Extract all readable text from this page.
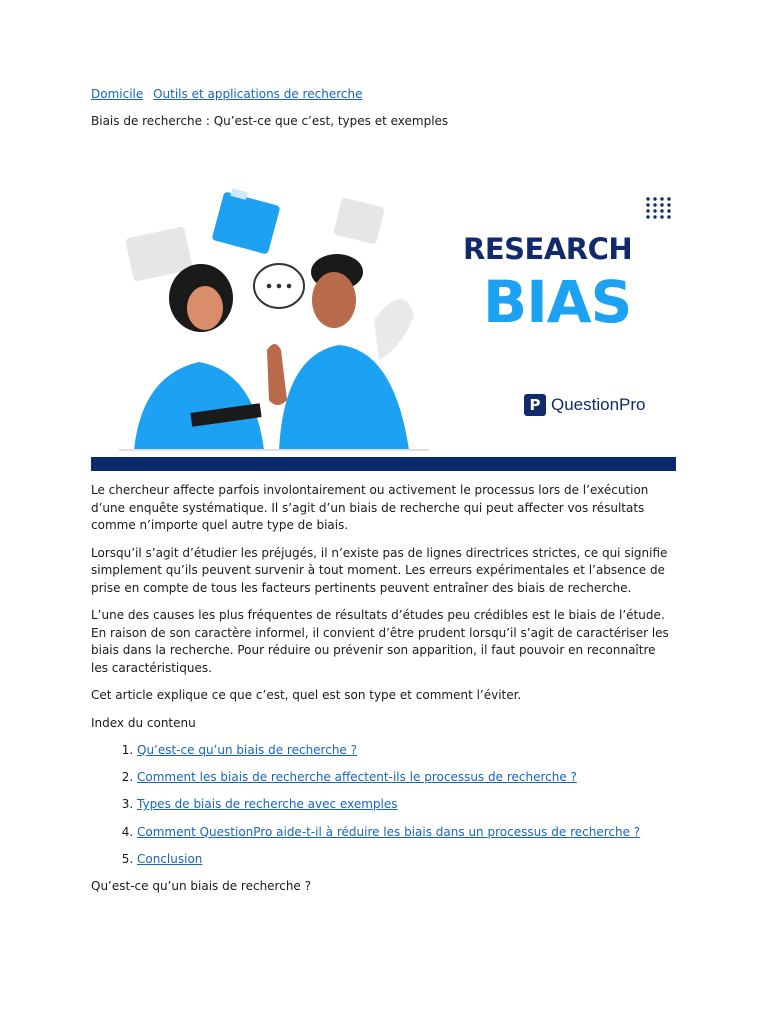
Domicile Outils et applications de recherche
Biais de recherche : Qu’est-ce que c’est, types et exemples
RESEARCH
BIAS
P QuestionPro

Le chercheur affecte parfois involontairement ou activement le processus lors de l’exécution d’une enquête systématique. Il s’agit d’un biais de recherche qui peut affecter vos résultats comme n’importe quel autre type de biais.

Lorsqu’il s’agit d’étudier les préjugés, il n’existe pas de lignes directrices strictes, ce qui signifie simplement qu’ils peuvent survenir à tout moment. Les erreurs expérimentales et l’absence de prise en compte de tous les facteurs pertinents peuvent entraîner des biais de recherche.

L’une des causes les plus fréquentes de résultats d’études peu crédibles est le biais de l’étude. En raison de son caractère informel, il convient d’être prudent lorsqu’il s’agit de caractériser les biais dans la recherche. Pour réduire ou prévenir son apparition, il faut pouvoir en reconnaître les caractéristiques.

Cet article explique ce que c’est, quel est son type et comment l’éviter.

Index du contenu
1. Qu’est-ce qu’un biais de recherche ?
2. Comment les biais de recherche affectent-ils le processus de recherche ?
3. Types de biais de recherche avec exemples
4. Comment QuestionPro aide-t-il à réduire les biais dans un processus de recherche ?
5. Conclusion
Qu’est-ce qu’un biais de recherche ?
